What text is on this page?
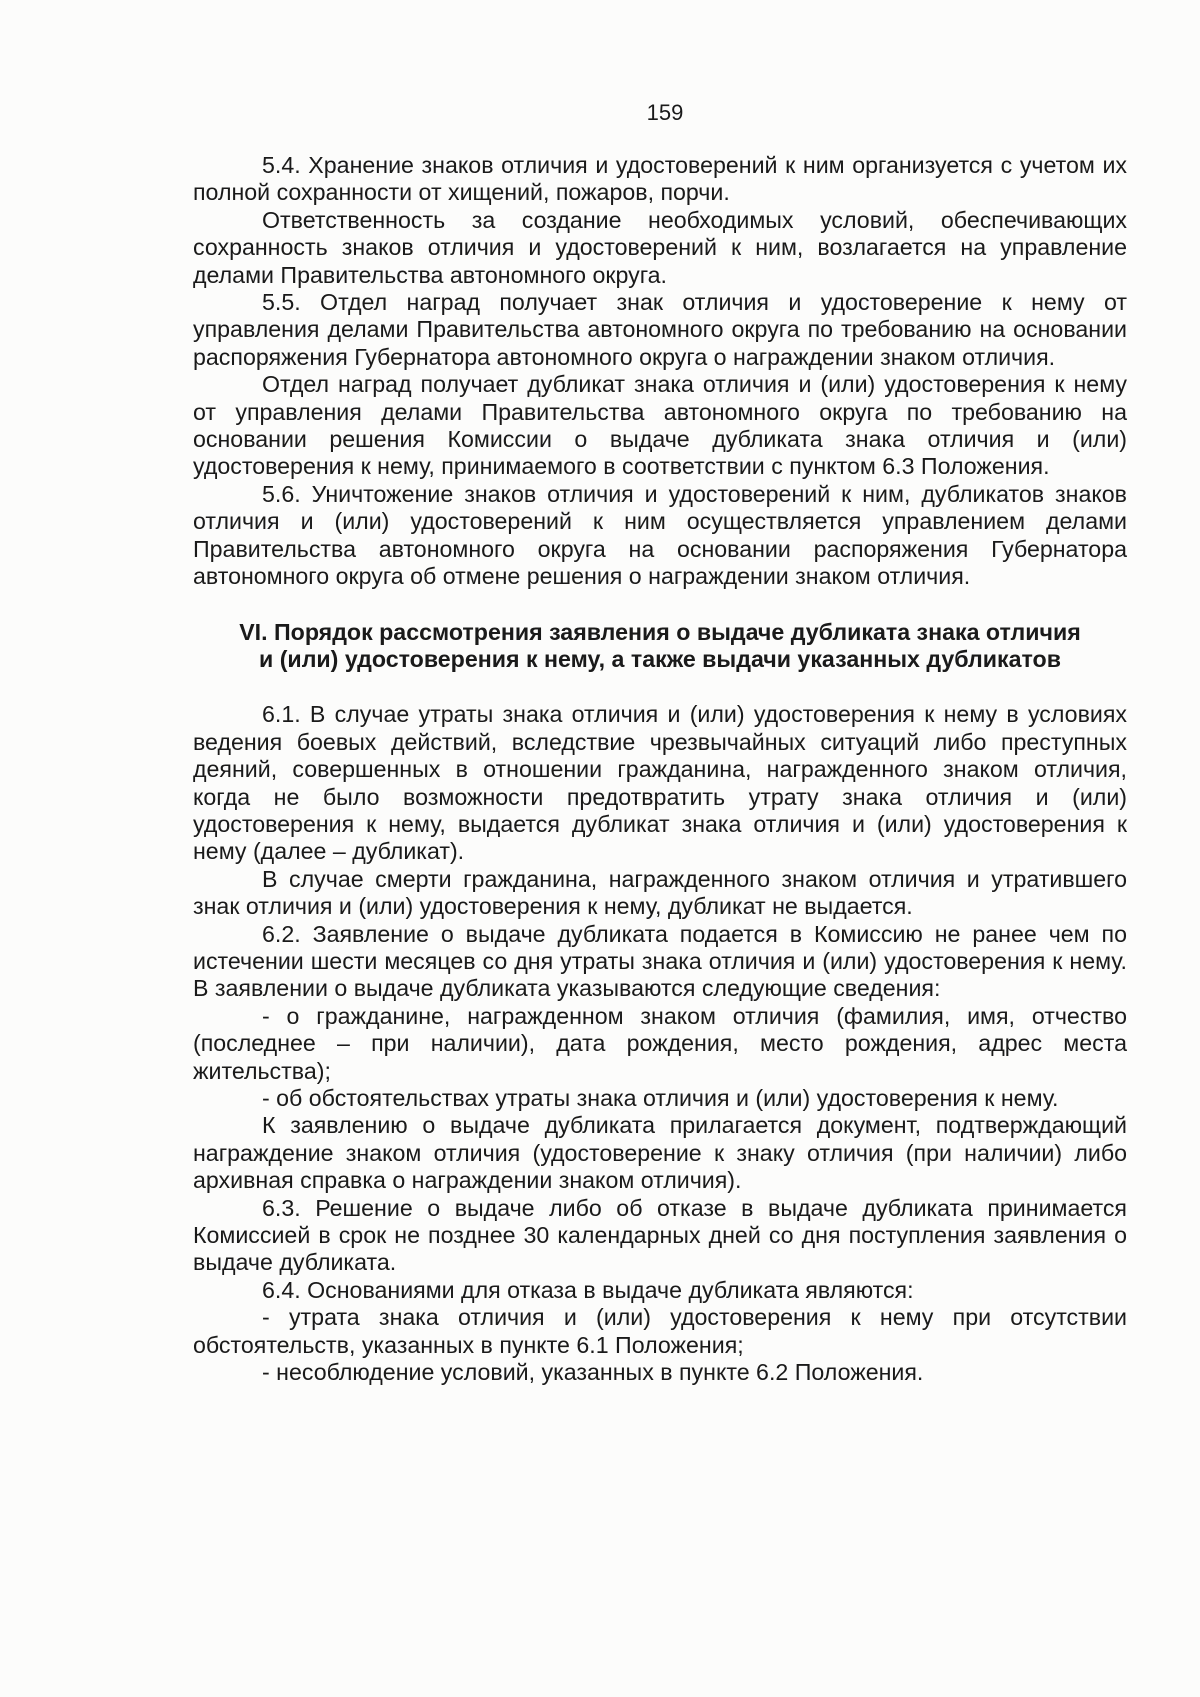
159

5.4. Хранение знаков отличия и удостоверений к ним организуется с учетом их полной сохранности от хищений, пожаров, порчи.

Ответственность за создание необходимых условий, обеспечивающих сохранность знаков отличия и удостоверений к ним, возлагается на управление делами Правительства автономного округа.

5.5. Отдел наград получает знак отличия и удостоверение к нему от управления делами Правительства автономного округа по требованию на основании распоряжения Губернатора автономного округа о награждении знаком отличия.

Отдел наград получает дубликат знака отличия и (или) удостоверения к нему от управления делами Правительства автономного округа по требованию на основании решения Комиссии о выдаче дубликата знака отличия и (или) удостоверения к нему, принимаемого в соответствии с пунктом 6.3 Положения.

5.6. Уничтожение знаков отличия и удостоверений к ним, дубликатов знаков отличия и (или) удостоверений к ним осуществляется управлением делами Правительства автономного округа на основании распоряжения Губернатора автономного округа об отмене решения о награждении знаком отличия.

VI. Порядок рассмотрения заявления о выдаче дубликата знака отличия
и (или) удостоверения к нему, а также выдачи указанных дубликатов

6.1. В случае утраты знака отличия и (или) удостоверения к нему в условиях ведения боевых действий, вследствие чрезвычайных ситуаций либо преступных деяний, совершенных в отношении гражданина, награжденного знаком отличия, когда не было возможности предотвратить утрату знака отличия и (или) удостоверения к нему, выдается дубликат знака отличия и (или) удостоверения к нему (далее – дубликат).

В случае смерти гражданина, награжденного знаком отличия и утратившего знак отличия и (или) удостоверения к нему, дубликат не выдается.

6.2. Заявление о выдаче дубликата подается в Комиссию не ранее чем по истечении шести месяцев со дня утраты знака отличия и (или) удостоверения к нему. В заявлении о выдаче дубликата указываются следующие сведения:

- о гражданине, награжденном знаком отличия (фамилия, имя, отчество (последнее – при наличии), дата рождения, место рождения, адрес места жительства);

- об обстоятельствах утраты знака отличия и (или) удостоверения к нему.

К заявлению о выдаче дубликата прилагается документ, подтверждающий награждение знаком отличия (удостоверение к знаку отличия (при наличии) либо архивная справка о награждении знаком отличия).

6.3. Решение о выдаче либо об отказе в выдаче дубликата принимается Комиссией в срок не позднее 30 календарных дней со дня поступления заявления о выдаче дубликата.

6.4. Основаниями для отказа в выдаче дубликата являются:

- утрата знака отличия и (или) удостоверения к нему при отсутствии обстоятельств, указанных в пункте 6.1 Положения;

- несоблюдение условий, указанных в пункте 6.2 Положения.
